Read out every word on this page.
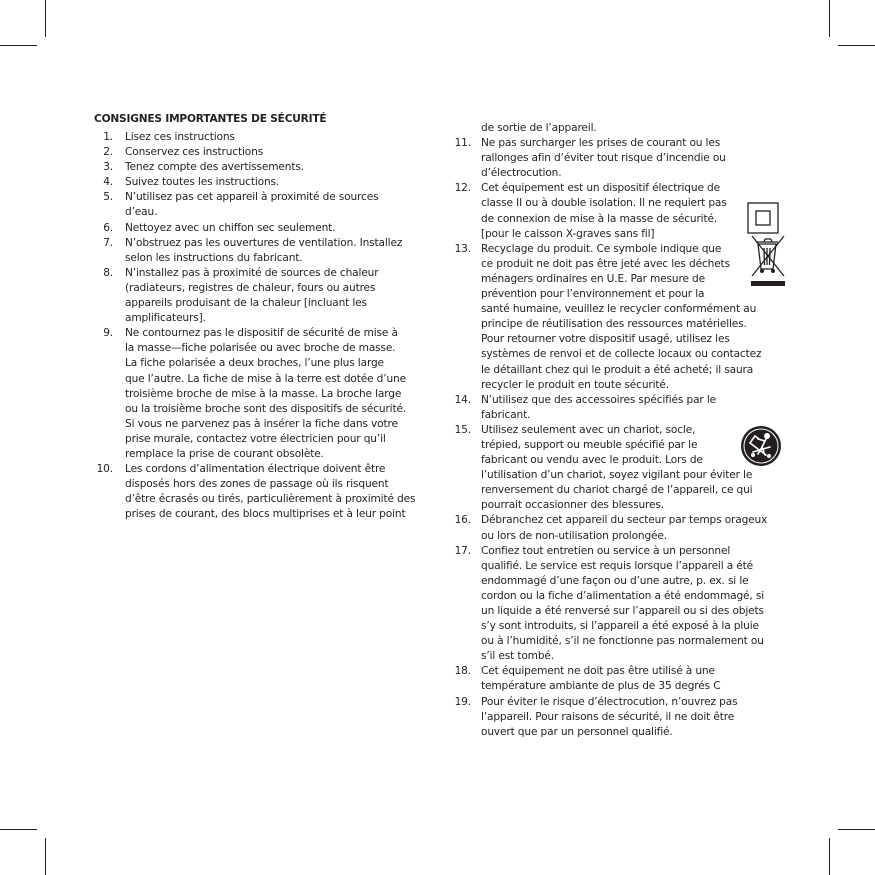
CONSIGNES IMPORTANTES DE SÉCURITÉ
1. Lisez ces instructions
2. Conservez ces instructions
3. Tenez compte des avertissements.
4. Suivez toutes les instructions.
5. N’utilisez pas cet appareil à proximité de sources
d’eau.
6. Nettoyez avec un chiffon sec seulement.
7. N’obstruez pas les ouvertures de ventilation. Installez
selon les instructions du fabricant.
8. N’installez pas à proximité de sources de chaleur
(radiateurs, registres de chaleur, fours ou autres
appareils produisant de la chaleur [incluant les
amplificateurs].
9. Ne contournez pas le dispositif de sécurité de mise à
la masse—fiche polarisée ou avec broche de masse.
La fiche polarisée a deux broches, l’une plus large
que l’autre. La fiche de mise à la terre est dotée d’une
troisième broche de mise à la masse. La broche large
ou la troisième broche sont des dispositifs de sécurité.
Si vous ne parvenez pas à insérer la fiche dans votre
prise murale, contactez votre électricien pour qu’il
remplace la prise de courant obsolète.
10. Les cordons d’alimentation électrique doivent être
disposés hors des zones de passage où ils risquent
d’être écrasés ou tirés, particulièrement à proximité des
prises de courant, des blocs multiprises et à leur point
de sortie de l’appareil.
11. Ne pas surcharger les prises de courant ou les
rallonges afin d’éviter tout risque d’incendie ou
d’électrocution.
12. Cet équipement est un dispositif électrique de
classe II ou à double isolation. Il ne requiert pas
de connexion de mise à la masse de sécurité.
[pour le caisson X-graves sans fil]
13. Recyclage du produit. Ce symbole indique que
ce produit ne doit pas être jeté avec les déchets
ménagers ordinaires en U.E. Par mesure de
prévention pour l’environnement et pour la
santé humaine, veuillez le recycler conformément au
principe de réutilisation des ressources matérielles.
Pour retourner votre dispositif usagé, utilisez les
systèmes de renvoi et de collecte locaux ou contactez
le détaillant chez qui le produit a été acheté; il saura
recycler le produit en toute sécurité.
14. N’utilisez que des accessoires spécifiés par le
fabricant.
15. Utilisez seulement avec un chariot, socle,
trépied, support ou meuble spécifié par le
fabricant ou vendu avec le produit. Lors de
l’utilisation d’un chariot, soyez vigilant pour éviter le
renversement du chariot chargé de l’appareil, ce qui
pourrait occasionner des blessures.
16. Débranchez cet appareil du secteur par temps orageux
ou lors de non-utilisation prolongée.
17. Confiez tout entretien ou service à un personnel
qualifié. Le service est requis lorsque l’appareil a été
endommagé d’une façon ou d’une autre, p. ex. si le
cordon ou la fiche d’alimentation a été endommagé, si
un liquide a été renversé sur l’appareil ou si des objets
s’y sont introduits, si l’appareil a été exposé à la pluie
ou à l’humidité, s’il ne fonctionne pas normalement ou
s’il est tombé.
18. Cet équipement ne doit pas être utilisé à une
température ambiante de plus de 35 degrés C
19. Pour éviter le risque d’électrocution, n’ouvrez pas
l’appareil. Pour raisons de sécurité, il ne doit être
ouvert que par un personnel qualifié.
